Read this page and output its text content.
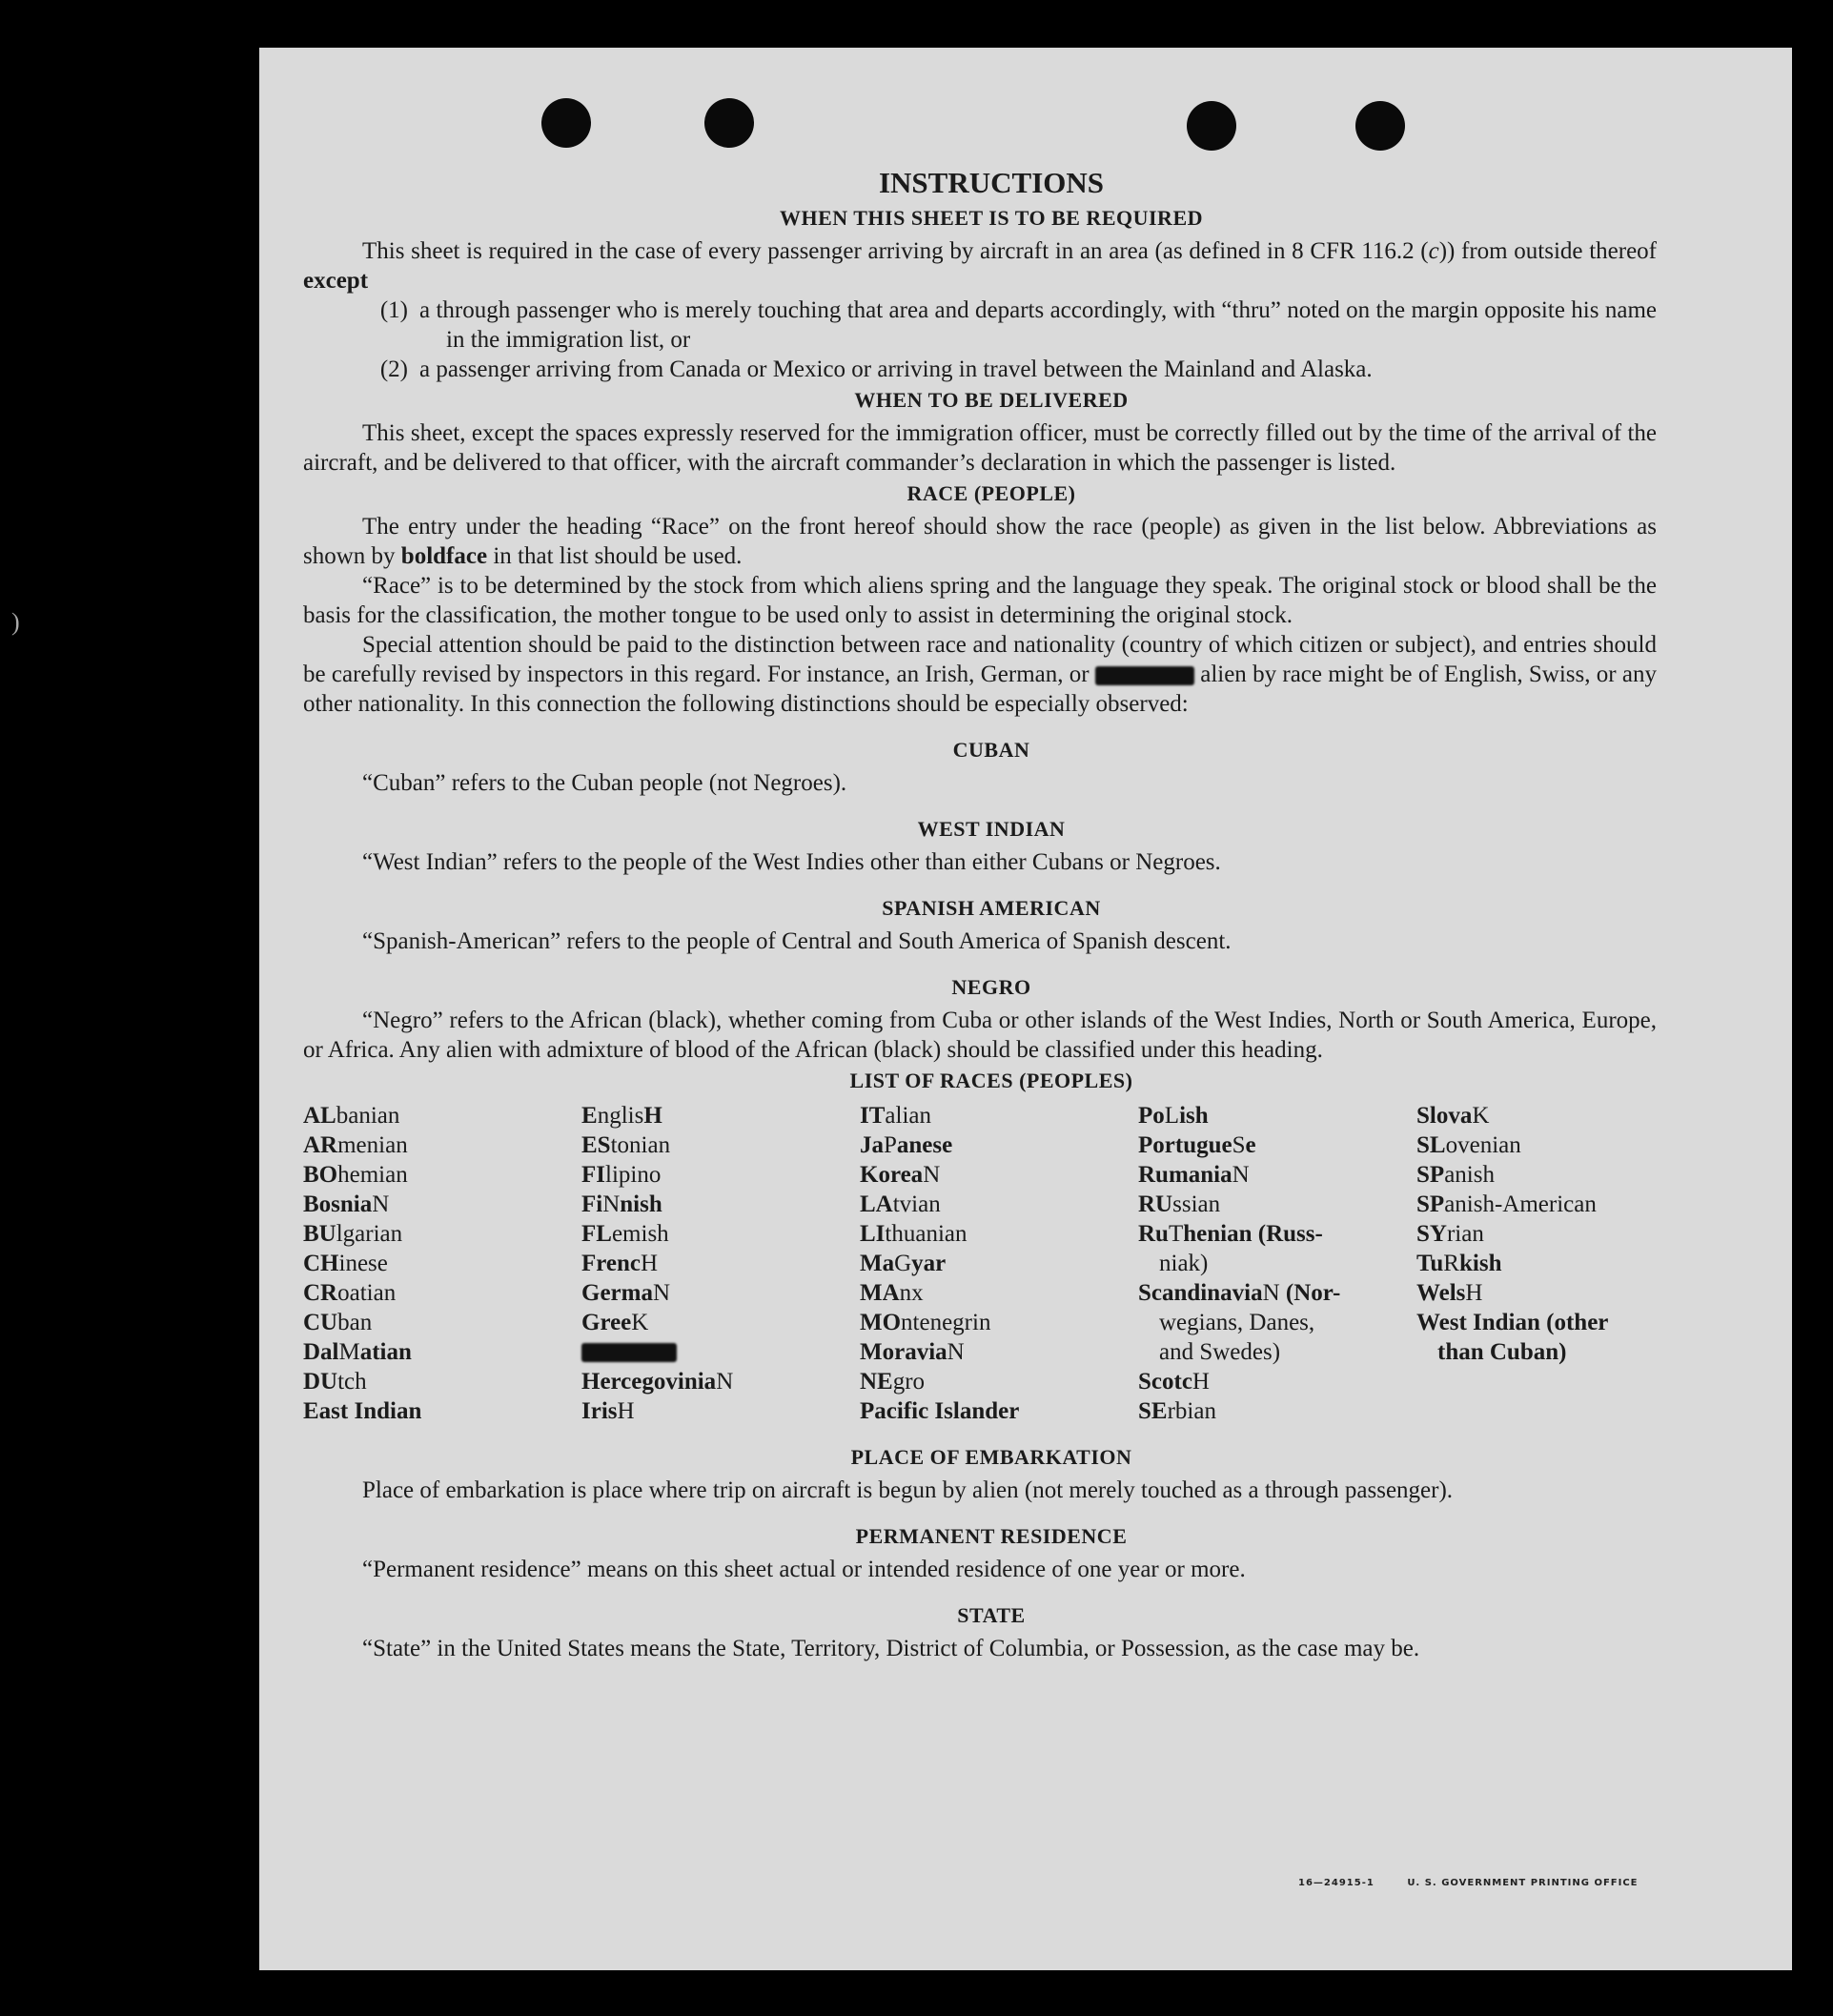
)
INSTRUCTIONS
WHEN THIS SHEET IS TO BE REQUIRED

This sheet is required in the case of every passenger arriving by aircraft in an area (as defined in 8 CFR 116.2 (c)) from outside thereof except

(1) a through passenger who is merely touching that area and departs accordingly, with “thru” noted on the margin opposite his name in the immigration list, or
(2) a passenger arriving from Canada or Mexico or arriving in travel between the Mainland and Alaska.
WHEN TO BE DELIVERED

This sheet, except the spaces expressly reserved for the immigration officer, must be correctly filled out by the time of the arrival of the aircraft, and be delivered to that officer, with the aircraft commander’s declaration in which the passenger is listed.

RACE (PEOPLE)

The entry under the heading “Race” on the front hereof should show the race (people) as given in the list below. Abbreviations as shown by boldface in that list should be used.

“Race” is to be determined by the stock from which aliens spring and the language they speak. The original stock or blood shall be the basis for the classification, the mother tongue to be used only to assist in determining the original stock.

Special attention should be paid to the distinction between race and nationality (country of which citizen or subject), and entries should be carefully revised by inspectors in this regard. For instance, an Irish, German, or	alien by race might be of English, Swiss, or any other nationality. In this connection the following distinctions should be especially observed:

CUBAN

“Cuban” refers to the Cuban people (not Negroes).

WEST INDIAN

“West Indian” refers to the people of the West Indies other than either Cubans or Negroes.

SPANISH AMERICAN

“Spanish-American” refers to the people of Central and South America of Spanish descent.

NEGRO

“Negro” refers to the African (black), whether coming from Cuba or other islands of the West Indies, North or South America, Europe, or Africa. Any alien with admixture of blood of the African (black) should be classified under this heading.

LIST OF RACES (PEOPLES)
ALbanian
ARmenian
BOhemian
BosniaN
BUlgarian
CHinese
CRoatian
CUban
DalMatian
DUtch
East Indian
EnglisH
EStonian
FIlipino
FiNnish
FLemish
FrencH
GermaN
GreeK
HercegoviniaN
IrisH
ITalian
JaPanese
KoreaN
LAtvian
LIthuanian
MaGyar
MAnx
MOntenegrin
MoraviaN
NEgro
Pacific Islander
PoLish
PortugueSe
RumaniaN
RUssian
RuThenian (Russ-
niak)
ScandinaviaN (Nor-
wegians, Danes,
and Swedes)
ScotcH
SErbian
SlovaK
SLovenian
SPanish
SPanish-American
SYrian
TuRkish
WelsH
West Indian (other
than Cuban)
PLACE OF EMBARKATION

Place of embarkation is place where trip on aircraft is begun by alien (not merely touched as a through passenger).

PERMANENT RESIDENCE

“Permanent residence” means on this sheet actual or intended residence of one year or more.

STATE

“State” in the United States means the State, Territory, District of Columbia, or Possession, as the case may be.

16—24915-1	U. S. GOVERNMENT PRINTING OFFICE
